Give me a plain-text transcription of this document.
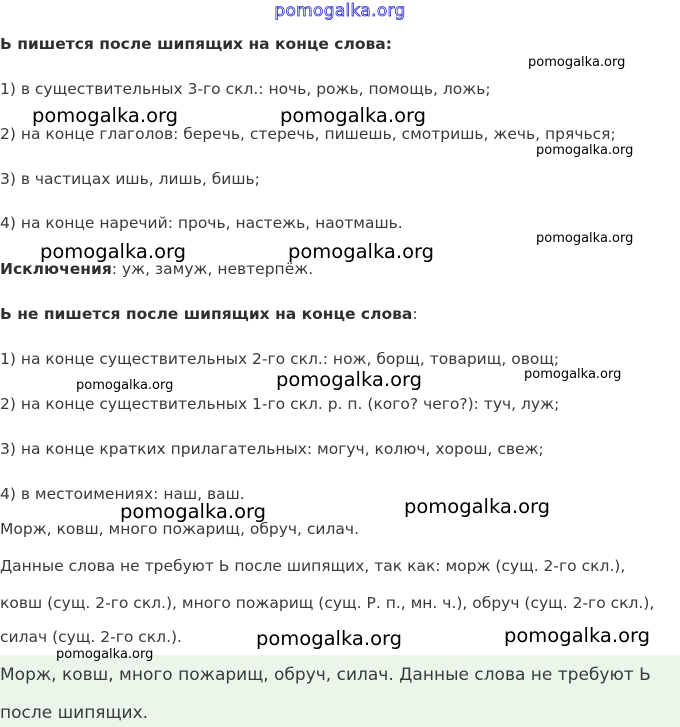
pomogalka.org
Ь пишется после шипящих на конце слова:
1) в существительных 3-го скл.: ночь, рожь, помощь, ложь;
2) на конце глаголов: беречь, стеречь, пишешь, смотришь, жечь, прячься;
3) в частицах ишь, лишь, бишь;
4) на конце наречий: прочь, настежь, наотмашь.
Исключения: уж, замуж, невтерпёж.
Ь не пишется после шипящих на конце слова:
1) на конце существительных 2-го скл.: нож, борщ, товарищ, овощ;
2) на конце существительных 1-го скл. р. п. (кого? чего?): туч, луж;
3) на конце кратких прилагательных: могуч, колюч, хорош, свеж;
4) в местоимениях: наш, ваш.
Морж, ковш, много пожарищ, обруч, силач.
Данные слова не требуют Ь после шипящих, так как: морж (сущ. 2-го скл.),
ковш (сущ. 2-го скл.), много пожарищ (сущ. Р. п., мн. ч.), обруч (сущ. 2-го скл.),
силач (сущ. 2-го скл.).
Морж, ковш, много пожарищ, обруч, силач. Данные слова не требуют Ь
после шипящих.
pomogalka.org
pomogalka.org	pomogalka.org
pomogalka.org
pomogalka.org
pomogalka.org	pomogalka.org
pomogalka.org	pomogalka.org
pomogalka.org
pomogalka.org
pomogalka.org
pomogalka.org
pomogalka.org
pomogalka.org
